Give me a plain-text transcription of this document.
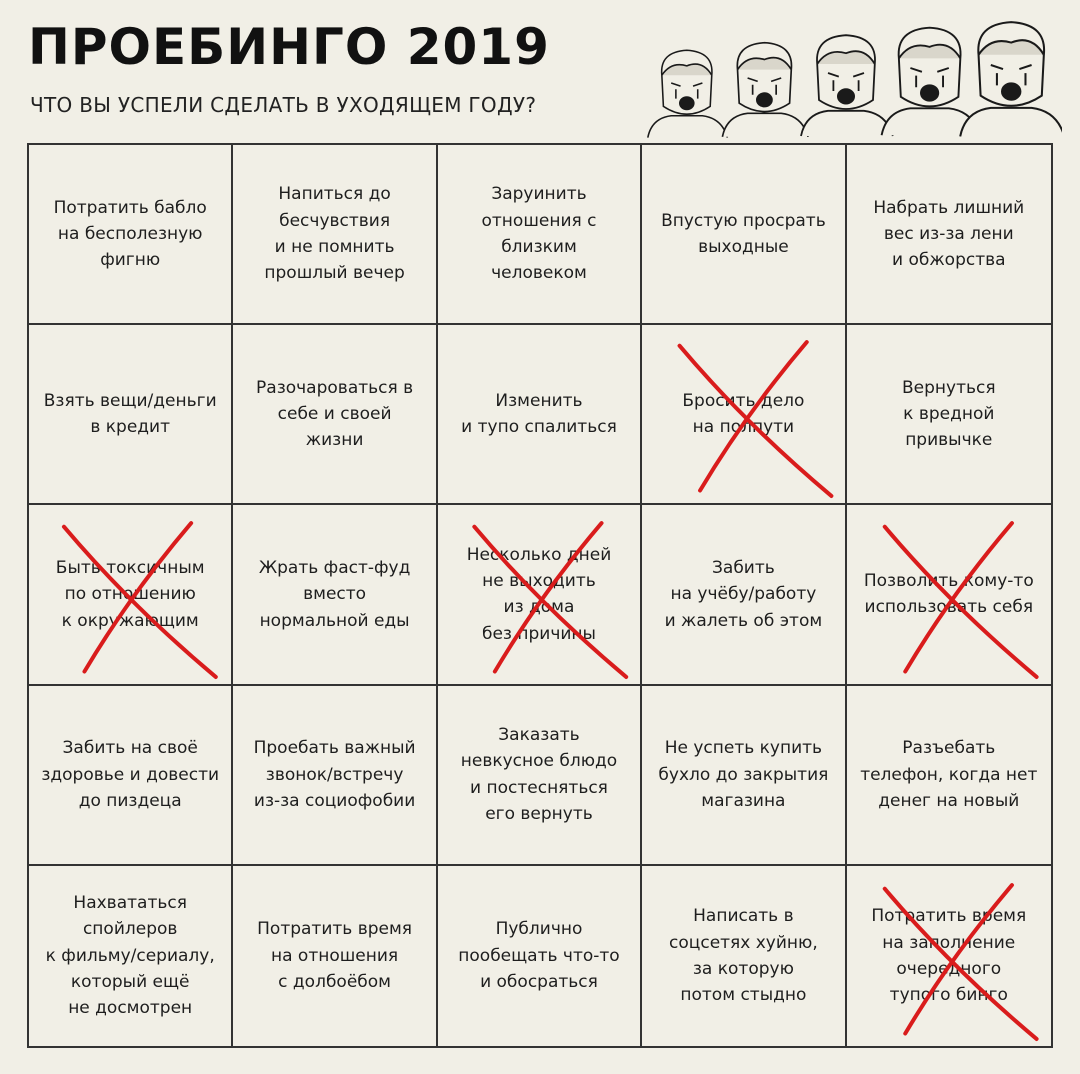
ПРОЕБИНГО 2019
ЧТО ВЫ УСПЕЛИ СДЕЛАТЬ В УХОДЯЩЕМ ГОДУ?
Потратить бабло
на бесполезную
фигню
Напиться до
бесчувствия
и не помнить
прошлый вечер
Заруинить
отношения с
близким
человеком
Впустую просрать
выходные
Набрать лишний
вес из-за лени
и обжорства
Взять вещи/деньги
в кредит
Разочароваться в
себе и своей
жизни
Изменить
и тупо спалиться
Бросить дело
на полпути
Вернуться
к вредной
привычке
Быть токсичным
по отношению
к окружающим
Жрать фаст-фуд
вместо
нормальной еды
Несколько дней
не выходить
из дома
без причины
Забить
на учёбу/работу
и жалеть об этом
Позволить кому-то
использовать себя
Забить на своё
здоровье и довести
до пиздеца
Проебать важный
звонок/встречу
из-за социофобии
Заказать
невкусное блюдо
и постесняться
его вернуть
Не успеть купить
бухло до закрытия
магазина
Разъебать
телефон, когда нет
денег на новый
Нахвататься
спойлеров
к фильму/сериалу,
который ещё
не досмотрен
Потратить время
на отношения
с долбоёбом
Публично
пообещать что-то
и обосраться
Написать в
соцсетях хуйню,
за которую
потом стыдно
Потратить время
на заполнение
очередного
тупого бинго
